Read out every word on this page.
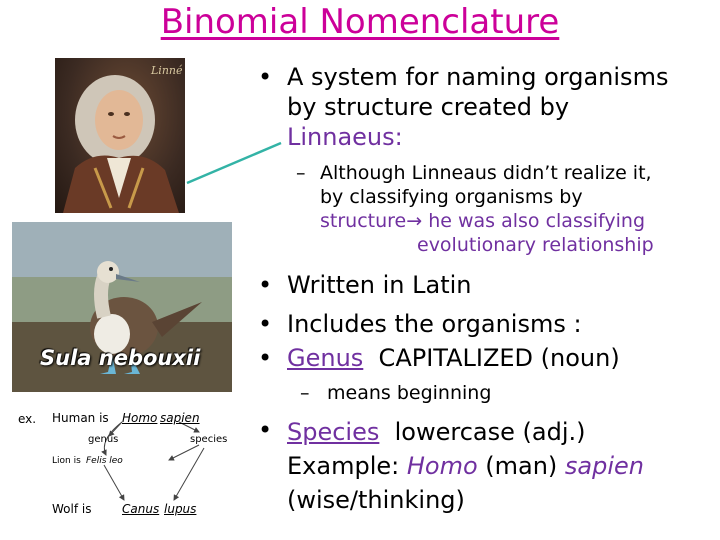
Binomial Nomenclature
Linné	• A system for naming organisms
by structure created by
Linnaeus:
– Although Linneaus didn’t realize it,
by classifying organisms by
structure→ he was also classifying
evolutionary relationship
• Written in Latin
• Includes the organisms :
• Genus  CAPITALIZED (noun)
– means beginning
• Species  lowercase (adj.)
Example: Homo (man) sapien
(wise/thinking)
Sula nebouxii
ex. Human is Homo sapien
genus	species
Lion is Felis leo
Wolf is	Canus lupus
